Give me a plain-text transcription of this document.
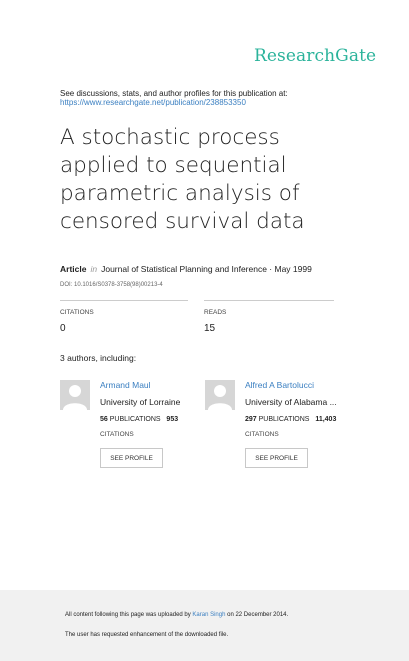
ResearchGate
See discussions, stats, and author profiles for this publication at:
https://www.researchgate.net/publication/238853350
A stochastic process applied to sequential parametric analysis of censored survival data
Article in Journal of Statistical Planning and Inference · May 1999
DOI: 10.1016/S0378-3758(98)00213-4
CITATIONS
0
READS
15
3 authors, including:
Armand Maul
University of Lorraine
56 PUBLICATIONS 953
CITATIONS
SEE PROFILE
Alfred A Bartolucci
University of Alabama ...
297 PUBLICATIONS 11,403
CITATIONS
SEE PROFILE
All content following this page was uploaded by Karan Singh on 22 December 2014.
The user has requested enhancement of the downloaded file.
